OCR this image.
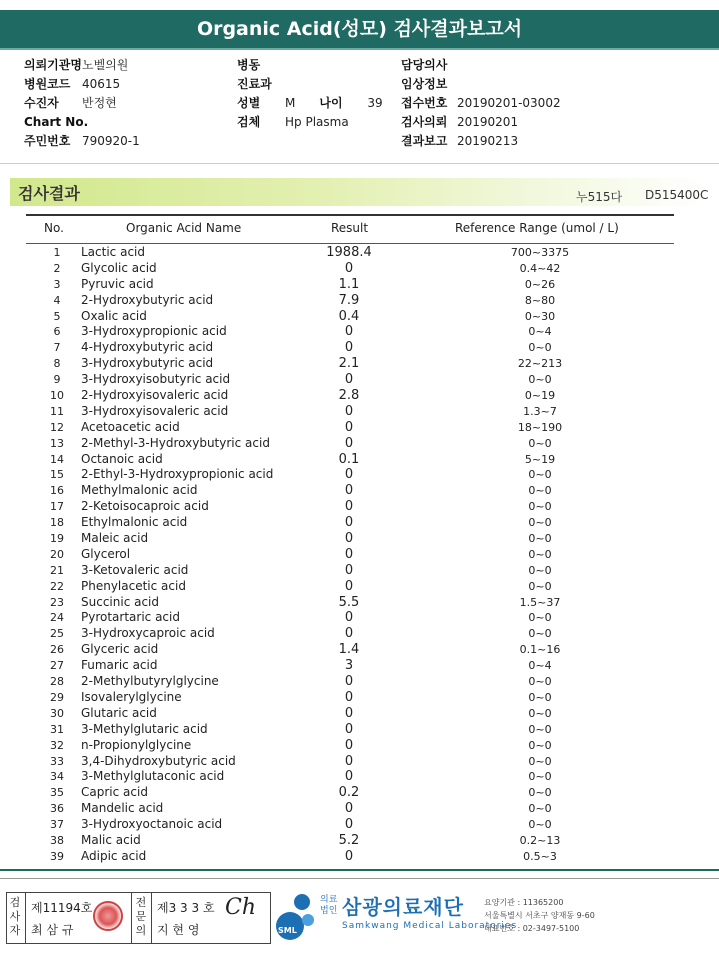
Organic Acid(성모) 검사결과보고서
의뢰기관명 노벨의원
병원코드 40615
수진자	반정현
Chart No.
주민번호 790920-1
병동
진료과
성별	M 나이	39
검체	Hp Plasma
담당의사
임상정보
접수번호 20190201-03002
검사의뢰 20190201
결과보고 20190213
검사결과	누515다 D515400C
No.	Organic Acid Name	Result	Reference Range (umol / L)
1	Lactic acid	1988.4	700~3375
2	Glycolic acid	0	0.4~42
3	Pyruvic acid	1.1	0~26
4	2-Hydroxybutyric acid	7.9	8~80
5	Oxalic acid	0.4	0~30
6	3-Hydroxypropionic acid	0	0~4
7	4-Hydroxybutyric acid	0	0~0
8	3-Hydroxybutyric acid	2.1	22~213
9	3-Hydroxyisobutyric acid	0	0~0
10	2-Hydroxyisovaleric acid	2.8	0~19
11	3-Hydroxyisovaleric acid	0	1.3~7
12	Acetoacetic acid	0	18~190
13	2-Methyl-3-Hydroxybutyric acid	0	0~0
14	Octanoic acid	0.1	5~19
15	2-Ethyl-3-Hydroxypropionic acid	0	0~0
16	Methylmalonic acid	0	0~0
17	2-Ketoisocaproic acid	0	0~0
18	Ethylmalonic acid	0	0~0
19	Maleic acid	0	0~0
20	Glycerol	0	0~0
21	3-Ketovaleric acid	0	0~0
22	Phenylacetic acid	0	0~0
23	Succinic acid	5.5	1.5~37
24	Pyrotartaric acid	0	0~0
25	3-Hydroxycaproic acid	0	0~0
26	Glyceric acid	1.4	0.1~16
27	Fumaric acid	3	0~4
28	2-Methylbutyrylglycine	0	0~0
29	Isovalerylglycine	0	0~0
30	Glutaric acid	0	0~0
31	3-Methylglutaric acid	0	0~0
32	n-Propionylglycine	0	0~0
33	3,4-Dihydroxybutyric acid	0	0~0
34	3-Methylglutaconic acid	0	0~0
35	Capric acid	0.2	0~0
36	Mandelic acid	0	0~0
37	3-Hydroxyoctanoic acid	0	0~0
38	Malic acid	5.2	0.2~13
39	Adipic acid	0	0.5~3
검
사
자
제11194호
최 삼 규
전
문
의
제3 3 3 호
지 현 영
Ch
SML
의료법인 삼광의료재단
Samkwang Medical Laboratories
요양기관 : 11365200
서울특별시 서초구 양재동 9-60
대표번호 : 02-3497-5100
